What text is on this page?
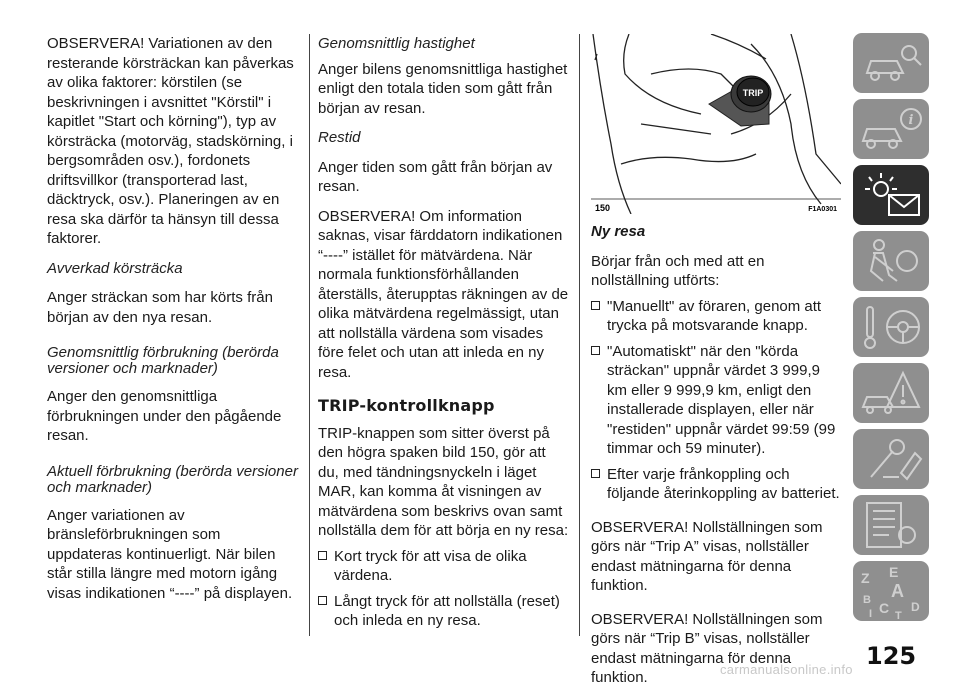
OBSERVERA! Variationen av den resterande körsträckan kan påverkas av olika faktorer: körstilen (se beskrivningen i avsnittet "Körstil" i kapitlet "Start och körning"), typ av körsträcka (motorväg, stadskörning, i bergsområden osv.), fordonets driftsvillkor (transporterad last, däcktryck, osv.). Planeringen av en resa ska därför ta hänsyn till dessa faktorer.

Avverkad körsträcka

Anger sträckan som har körts från början av den nya resan.

Genomsnittlig förbrukning (berörda versioner och marknader)

Anger den genomsnittliga förbrukningen under den pågående resan.

Aktuell förbrukning (berörda versioner och marknader)

Anger variationen av bränsleförbrukningen som uppdateras kontinuerligt. När bilen står stilla längre med motorn igång visas indikationen “----” på displayen.

Genomsnittlig hastighet

Anger bilens genomsnittliga hastighet enligt den totala tiden som gått från början av resan.

Restid

Anger tiden som gått från början av resan.

OBSERVERA! Om information saknas, visar färddatorn indikationen “----” istället för mätvärdena. När normala funktionsförhållanden återställs, återupptas räkningen av de olika mätvärdena regelmässigt, utan att nollställa värdena som visades före felet och utan att inleda en ny resa.

TRIP-kontrollknapp

TRIP-knappen som sitter överst på den högra spaken bild 150, gör att du, med tändningsnyckeln i läget MAR, kan komma åt visningen av mätvärdena som beskrivs ovan samt nollställa dem för att börja en ny resa:

Kort tryck för att visa de olika värdena.
Långt tryck för att nollställa (reset) och inleda en ny resa.
TRIP
150	F1A0301

Ny resa

Börjar från och med att en nollställning utförts:

"Manuellt" av föraren, genom att trycka på motsvarande knapp.
"Automatiskt" när den "körda sträckan" uppnår värdet 3 999,9 km eller 9 999,9 km, enligt den installerade displayen, eller när "restiden" uppnår värdet 99:59 (99 timmar och 59 minuter).
Efter varje frånkoppling och följande återinkoppling av batteriet.

OBSERVERA! Nollställningen som görs när “Trip A” visas, nollställer endast mätningarna för denna funktion.

OBSERVERA! Nollställningen som görs när “Trip B” visas, nollställer endast mätningarna för denna funktion.

i
Z E
B A
I C T
D
125
carmanualsonline.info
